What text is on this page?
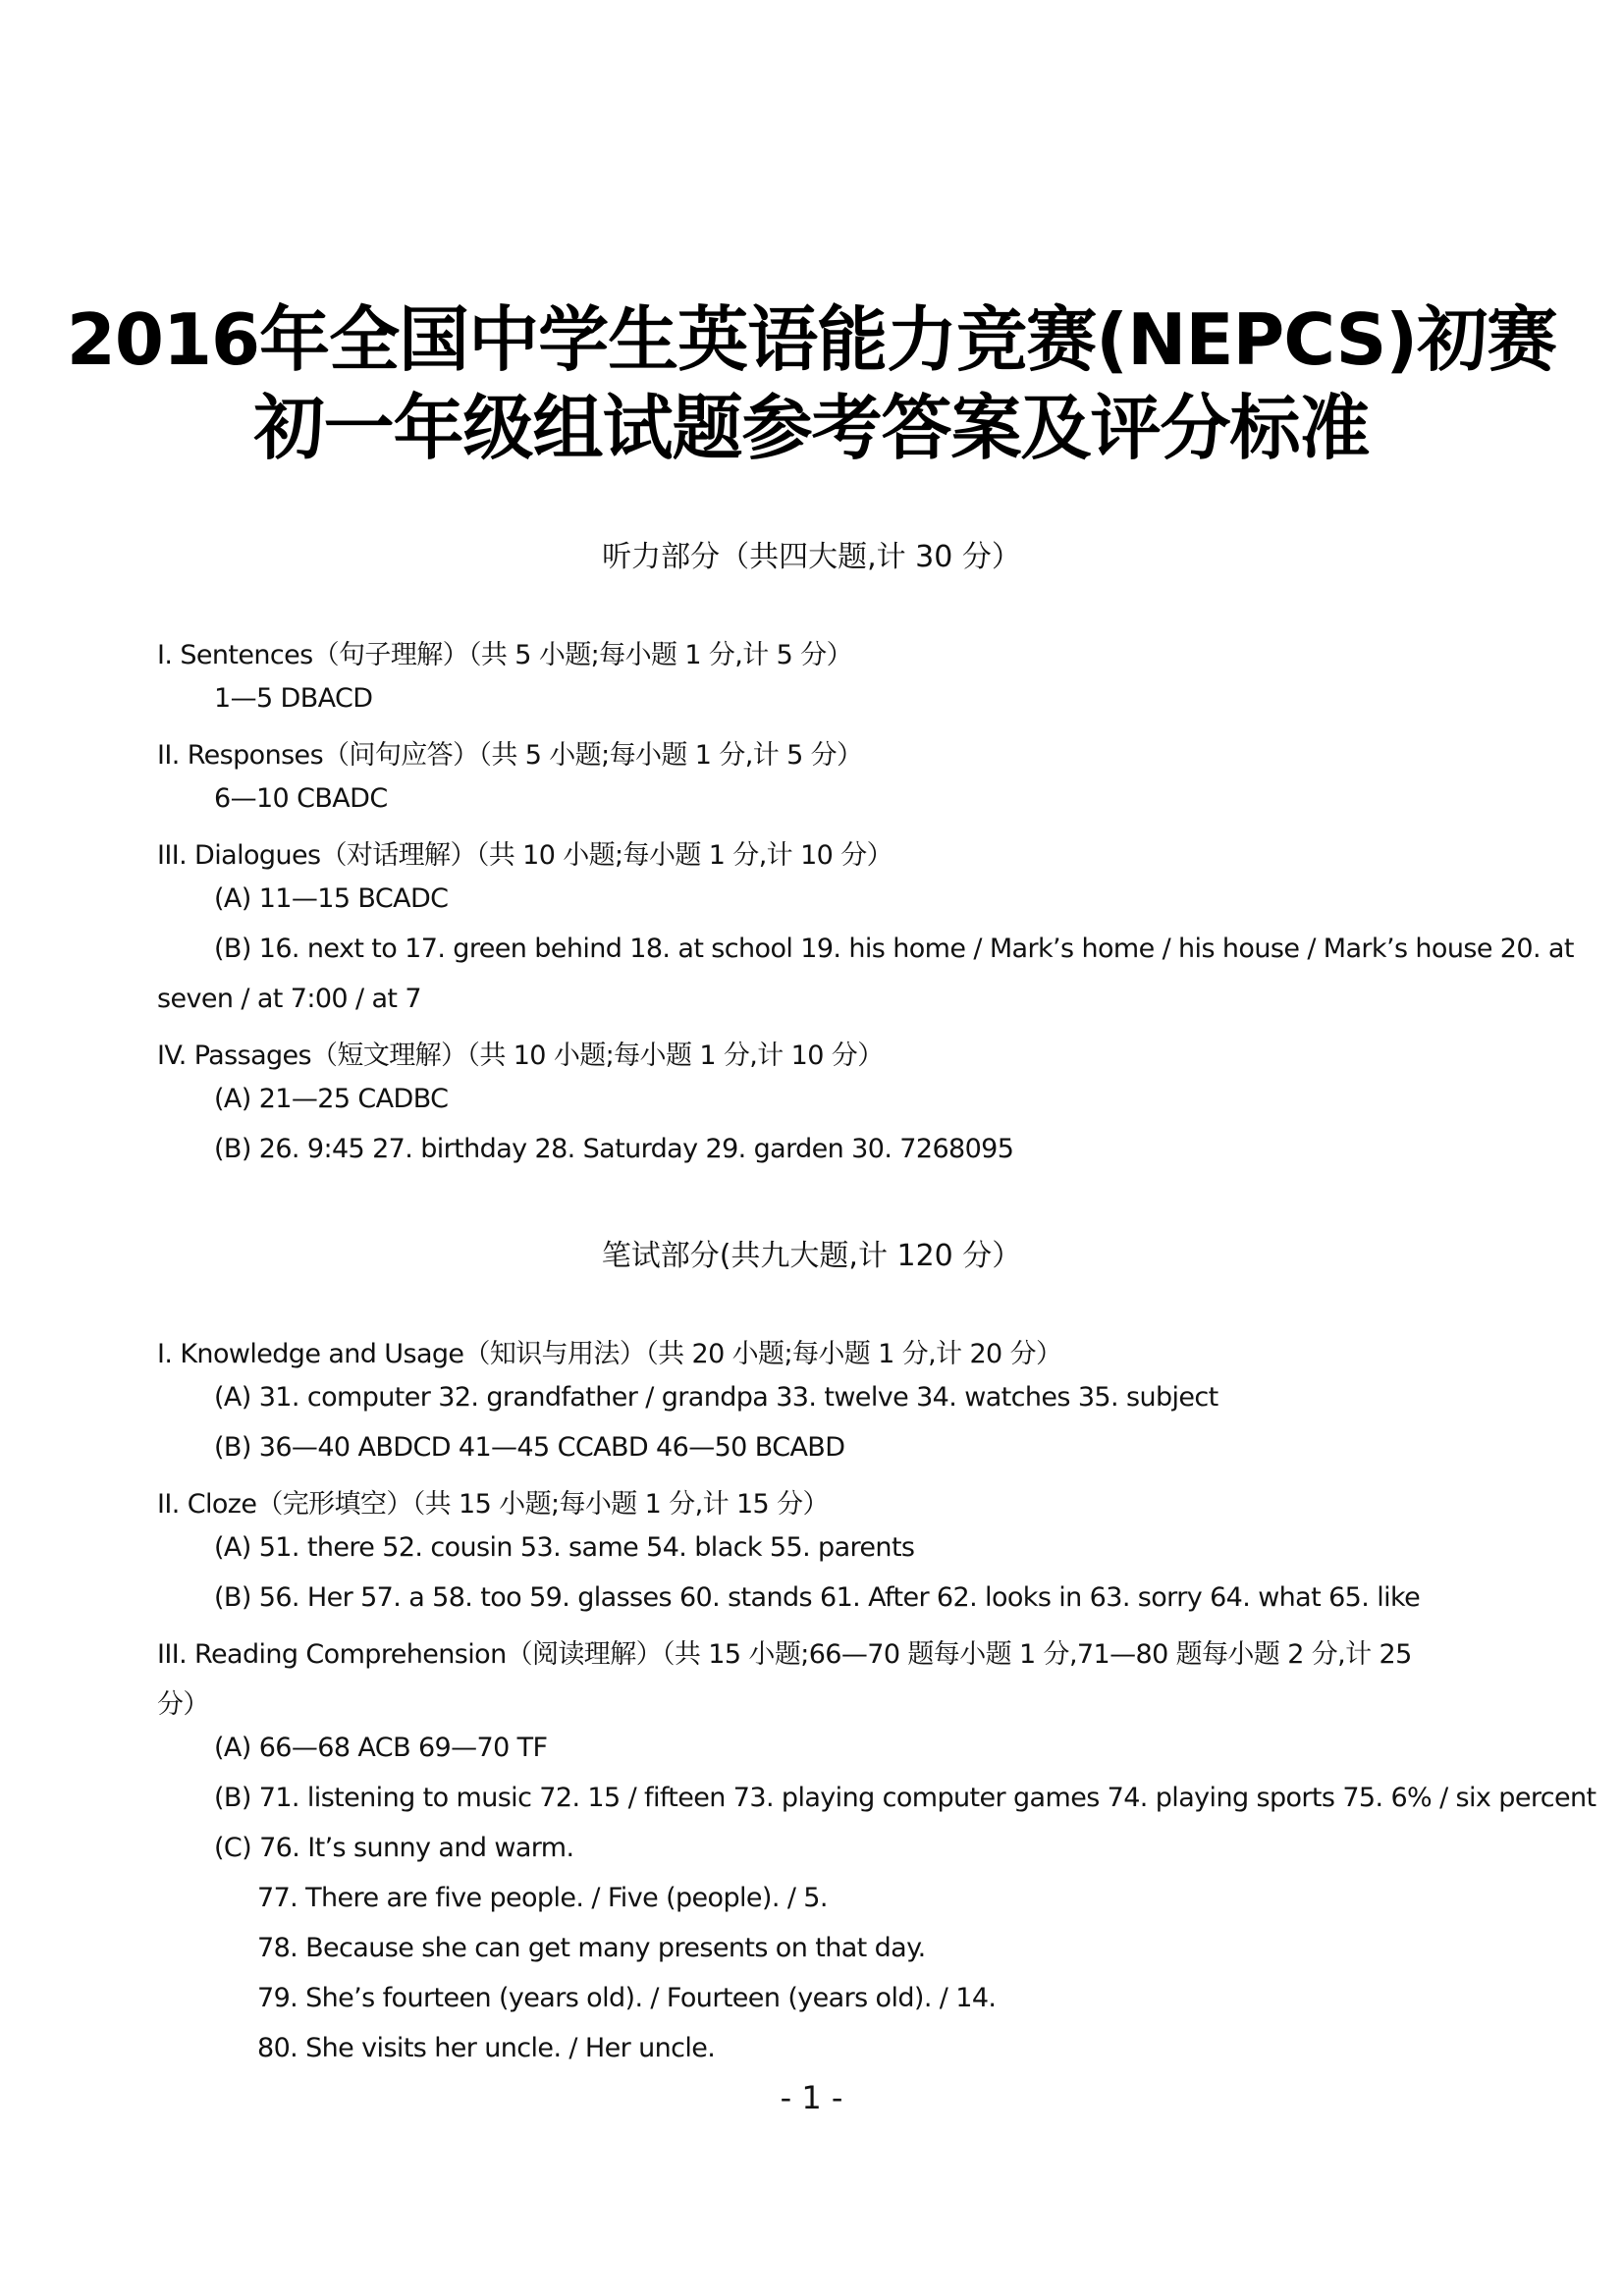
2016年全国中学生英语能力竞赛(NEPCS)初赛
初一年级组试题参考答案及评分标准
听力部分（共四大题,计 30 分）
I. Sentences（句子理解）（共 5 小题;每小题 1 分,计 5 分）
1—5 DBACD
II. Responses（问句应答）（共 5 小题;每小题 1 分,计 5 分）
6—10 CBADC
III. Dialogues（对话理解）（共 10 小题;每小题 1 分,计 10 分）
(A) 11—15 BCADC
(B) 16. next to 17. green behind 18. at school 19. his home / Mark’s home / his house / Mark’s house 20. at
seven / at 7:00 / at 7
IV. Passages（短文理解）（共 10 小题;每小题 1 分,计 10 分）
(A) 21—25 CADBC
(B) 26. 9:45 27. birthday 28. Saturday 29. garden 30. 7268095
笔试部分(共九大题,计 120 分）
I. Knowledge and Usage（知识与用法）（共 20 小题;每小题 1 分,计 20 分）
(A) 31. computer 32. grandfather / grandpa 33. twelve 34. watches 35. subject
(B) 36—40 ABDCD 41—45 CCABD 46—50 BCABD
II. Cloze（完形填空）（共 15 小题;每小题 1 分,计 15 分）
(A) 51. there 52. cousin 53. same 54. black 55. parents
(B) 56. Her 57. a 58. too 59. glasses 60. stands 61. After 62. looks in 63. sorry 64. what 65. like
III. Reading Comprehension（阅读理解）（共 15 小题;66—70 题每小题 1 分,71—80 题每小题 2 分,计 25
分）
(A) 66—68 ACB 69—70 TF
(B) 71. listening to music 72. 15 / fifteen 73. playing computer games 74. playing sports 75. 6% / six percent
(C) 76. It’s sunny and warm.
77. There are five people. / Five (people). / 5.
78. Because she can get many presents on that day.
79. She’s fourteen (years old). / Fourteen (years old). / 14.
80. She visits her uncle. / Her uncle.
- 1 -
